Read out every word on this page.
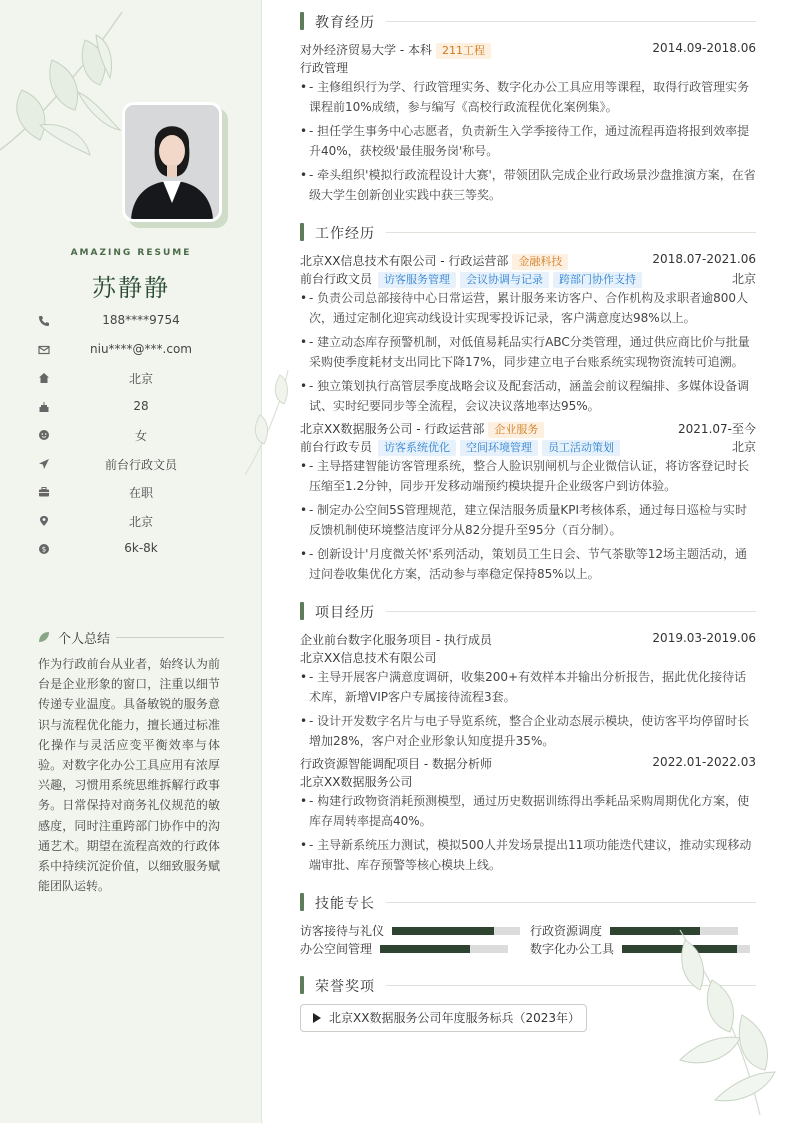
AMAZING RESUME
苏静静
188****9754
niu****@***.com
北京
28
女
前台行政文员
在职
北京
$	6k-8k
个人总结
作为行政前台从业者，始终认为前台是企业形象的窗口，注重以细节传递专业温度。具备敏锐的服务意识与流程优化能力，擅长通过标准化操作与灵活应变平衡效率与体验。对数字化办公工具应用有浓厚兴趣，习惯用系统思维拆解行政事务。日常保持对商务礼仪规范的敏感度，同时注重跨部门协作中的沟通艺术。期望在流程高效的行政体系中持续沉淀价值，以细致服务赋能团队运转。
教育经历
对外经济贸易大学 - 本科 211工程	2014.09-2018.06
行政管理
• - 主修组织行为学、行政管理实务、数字化办公工具应用等课程，取得行政管理实务课程前10%成绩，参与编写《高校行政流程优化案例集》。
• - 担任学生事务中心志愿者，负责新生入学季接待工作，通过流程再造将报到效率提升40%，获校级'最佳服务岗'称号。
• - 牵头组织'模拟行政流程设计大赛'，带领团队完成企业行政场景沙盘推演方案，在省级大学生创新创业实践中获三等奖。
工作经历
北京XX信息技术有限公司 - 行政运营部 金融科技	2018.07-2021.06
前台行政文员 访客服务管理 会议协调与记录 跨部门协作支持	北京
• - 负责公司总部接待中心日常运营，累计服务来访客户、合作机构及求职者逾800人次，通过定制化迎宾动线设计实现零投诉记录，客户满意度达98%以上。
• - 建立动态库存预警机制，对低值易耗品实行ABC分类管理，通过供应商比价与批量采购使季度耗材支出同比下降17%，同步建立电子台账系统实现物资流转可追溯。
• - 独立策划执行高管层季度战略会议及配套活动，涵盖会前议程编排、多媒体设备调试、实时纪要同步等全流程，会议决议落地率达95%。
北京XX数据服务公司 - 行政运营部 企业服务	2021.07-至今
前台行政专员 访客系统优化 空间环境管理 员工活动策划	北京
• - 主导搭建智能访客管理系统，整合人脸识别闸机与企业微信认证，将访客登记时长压缩至1.2分钟，同步开发移动端预约模块提升企业级客户到访体验。
• - 制定办公空间5S管理规范，建立保洁服务质量KPI考核体系，通过每日巡检与实时反馈机制使环境整洁度评分从82分提升至95分（百分制）。
• - 创新设计'月度微关怀'系列活动，策划员工生日会、节气茶歇等12场主题活动，通过问卷收集优化方案，活动参与率稳定保持85%以上。
项目经历
企业前台数字化服务项目 - 执行成员	2019.03-2019.06
北京XX信息技术有限公司
• - 主导开展客户满意度调研，收集200+有效样本并输出分析报告，据此优化接待话术库，新增VIP客户专属接待流程3套。
• - 设计开发数字名片与电子导览系统，整合企业动态展示模块，使访客平均停留时长增加28%，客户对企业形象认知度提升35%。
行政资源智能调配项目 - 数据分析师	2022.01-2022.03
北京XX数据服务公司
• - 构建行政物资消耗预测模型，通过历史数据训练得出季耗品采购周期优化方案，使库存周转率提高40%。
• - 主导新系统压力测试，模拟500人并发场景提出11项功能迭代建议，推动实现移动端审批、库存预警等核心模块上线。
技能专长
访客接待与礼仪	行政资源调度
办公空间管理	数字化办公工具
荣誉奖项
北京XX数据服务公司年度服务标兵（2023年）
